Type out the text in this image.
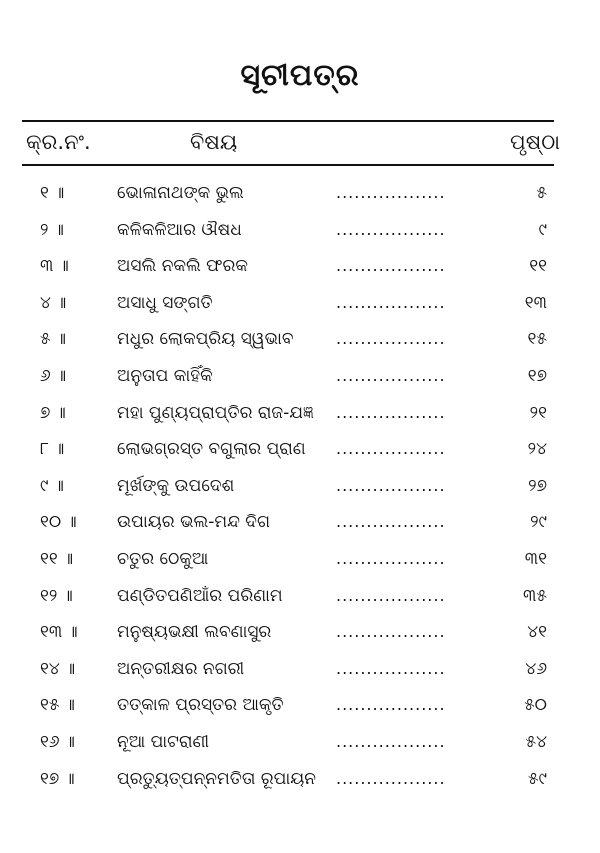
ସୂଚୀପତ୍ର
କ୍ର.ନଂ.	ବିଷୟ	ପୃଷ୍ଠା
୧ ॥	ଭୋଳାନାଥଙ୍କ ଭୁଲ	..................	୫
୨ ॥	କଳିକଳିଆର ଔଷଧ	..................	୯
୩ ॥	ଅସଲି ନକଲି ଫରକ	..................	୧୧
୪ ॥	ଅସାଧୁ ସଙ୍ଗତି	..................	୧୩
୫ ॥	ମଧୁର ଲୋକପ୍ରିୟ ସ୍ୱଭାବ	..................	୧୫
୬ ॥	ଅନୁତାପ କାହିଁକି	..................	୧୭
୭ ॥	ମହା ପୁଣ୍ୟପ୍ରାପ୍ତିର ରାଜ-ଯଜ୍ଞ ..................	୨୧
୮ ॥	ଲୋଭଗ୍ରସ୍ତ ବଗୁଲାର ପ୍ରାଣ ..................	୨୪
୯ ॥	ମୂର୍ଖଙ୍କୁ ଉପଦେଶ	..................	୨୭
୧୦ ॥ ଉପାୟର ଭଲ-ମନ୍ଦ ଦିଗ	..................	୨୯
୧୧ ॥	ଚତୁର ଠେକୁଆ	..................	୩୧
୧୨ ॥	ପଣ୍ଡିତପଣିଆଁର ପରିଣାମ	..................	୩୫
୧୩ ॥ ମନୁଷ୍ୟଭକ୍ଷୀ ଲବଣାସୁର	..................	୪୧
୧୪ ॥ ଅନ୍ତରୀକ୍ଷର ନଗରୀ	..................	୪୬
୧୫ ॥ ତତ୍କାଳ ପ୍ରସ୍ତର ଆକୃତି	..................	୫୦
୧୬ ॥ ନୂଆ ପାଟରାଣୀ	..................	୫୪
୧୭ ॥ ପ୍ରତ୍ୟୁତ୍ପନ୍ନମତିତା ରୂପାୟନ ..................	୫୯
